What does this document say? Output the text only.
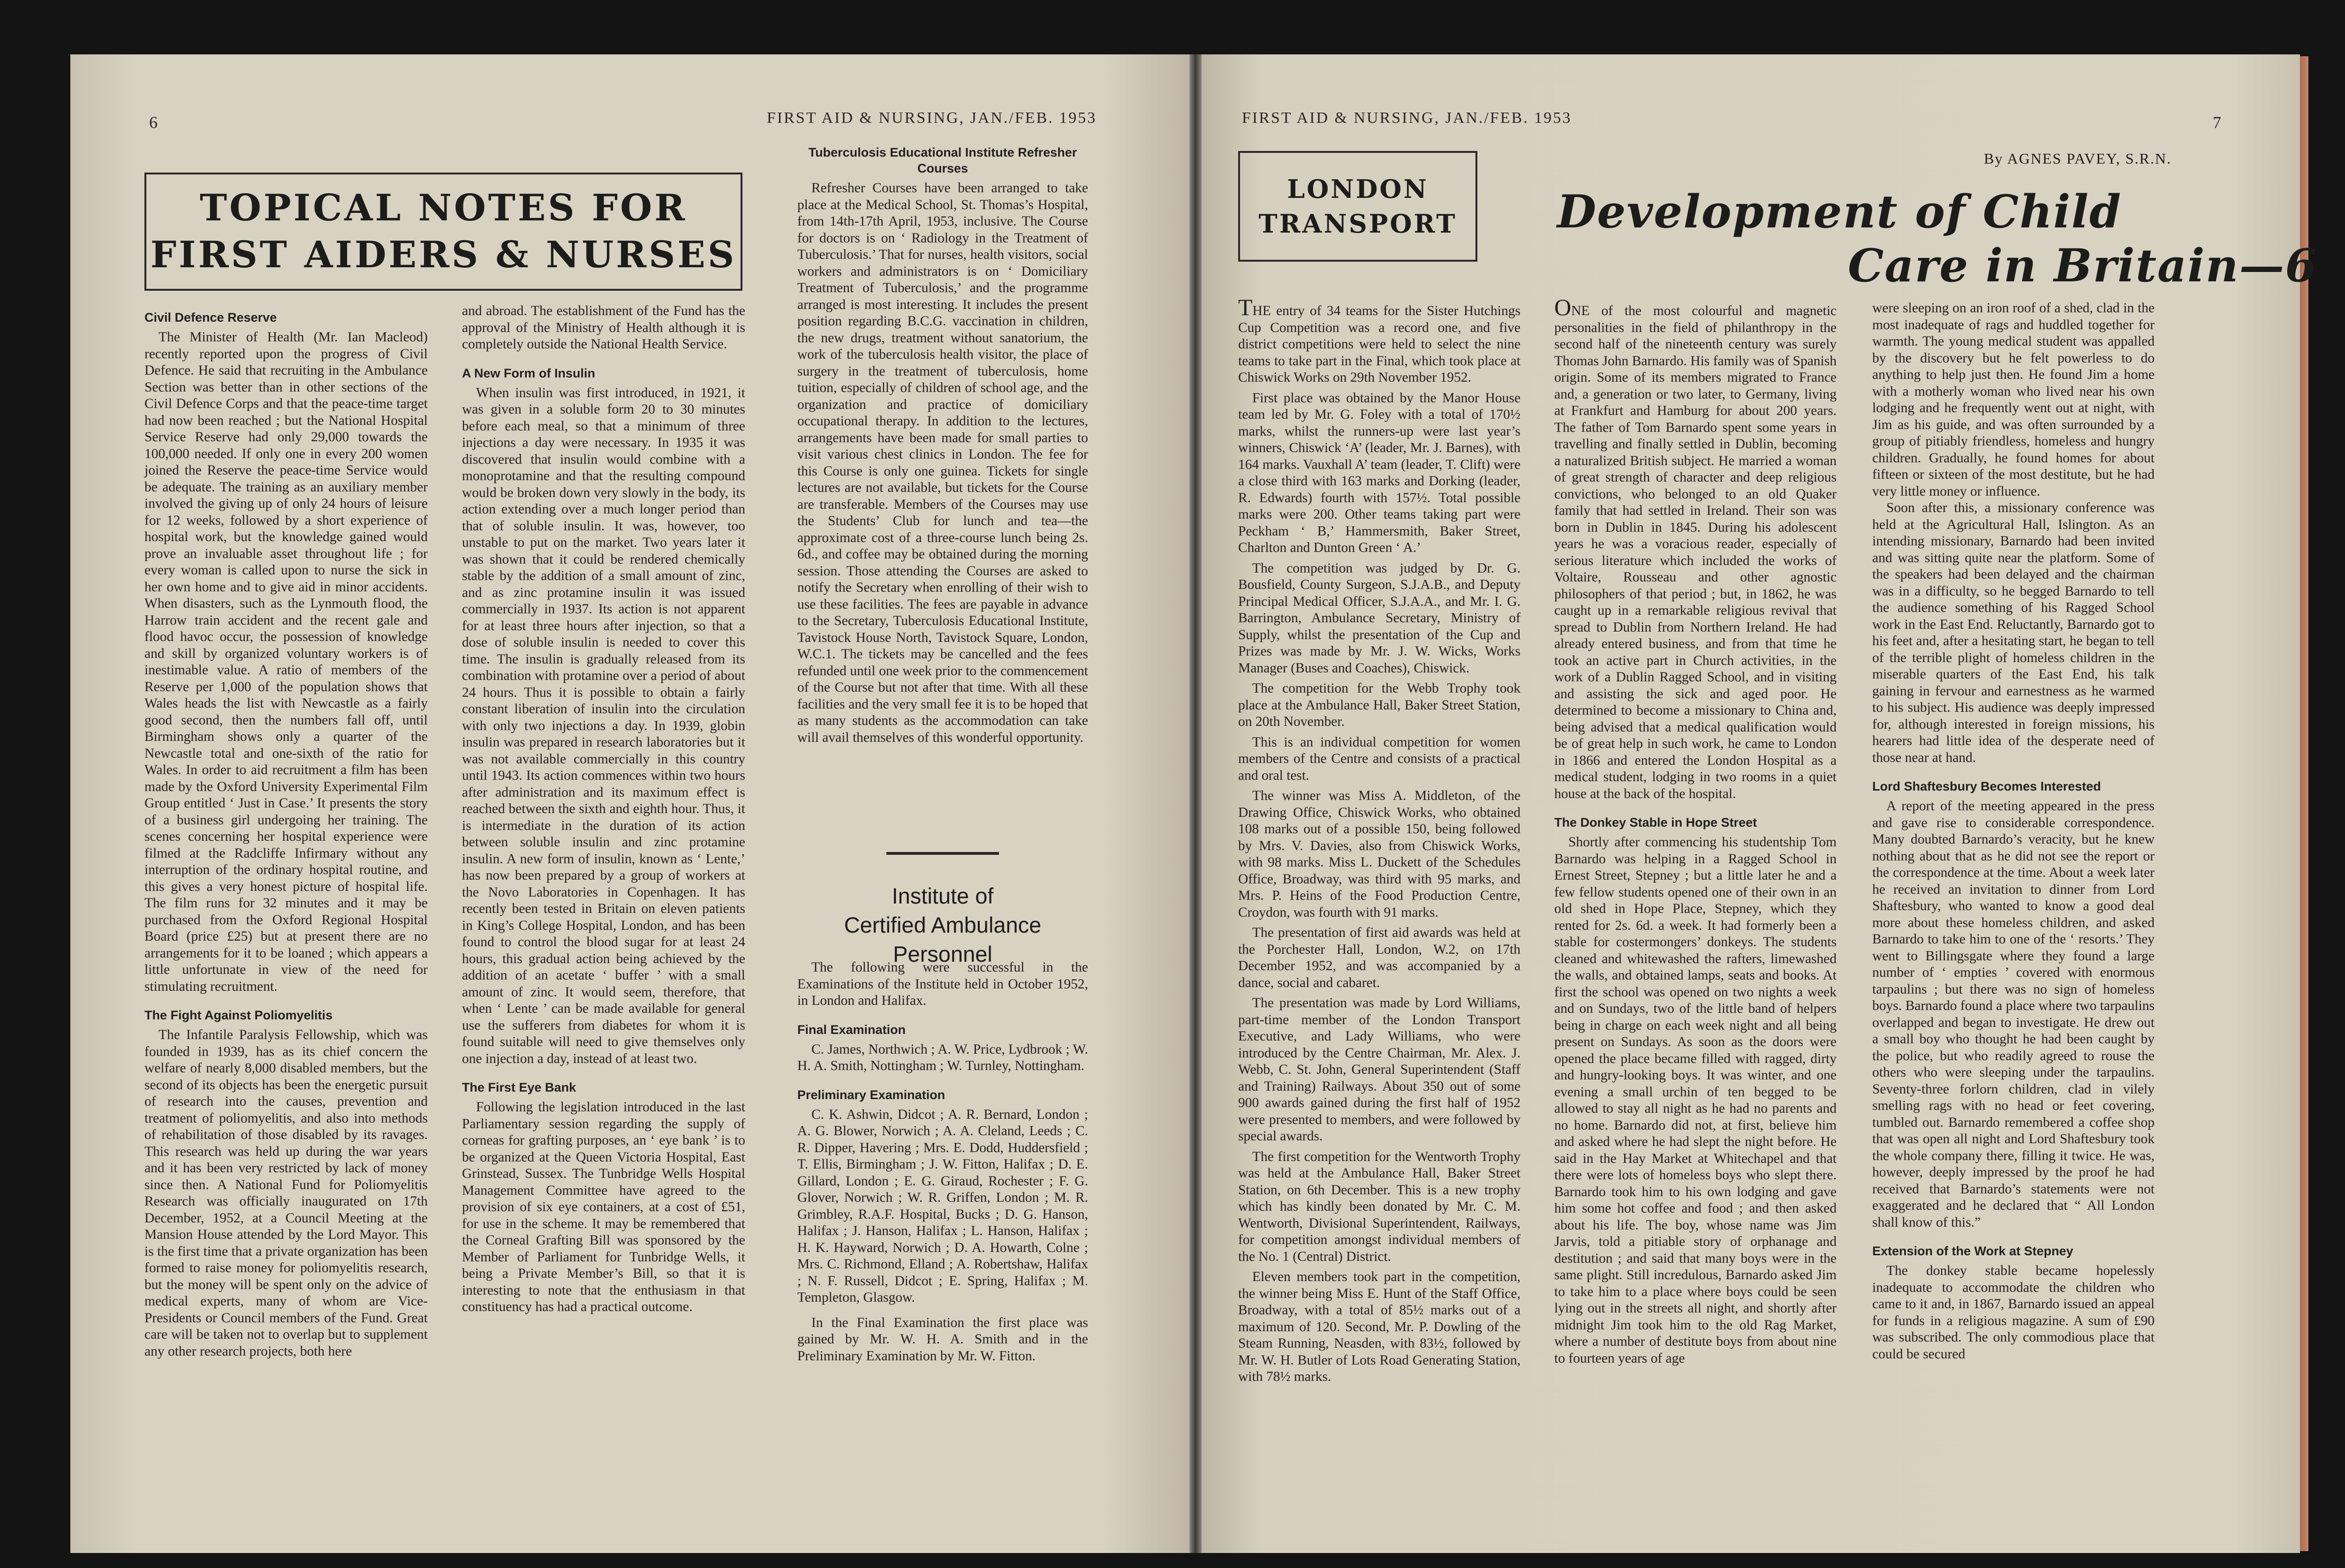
6	FIRST AID & NURSING, JAN./FEB. 1953
TOPICAL NOTES FOR
FIRST AIDERS & NURSES
Civil Defence Reserve

The Minister of Health (Mr. Ian Macleod) recently reported upon the progress of Civil Defence. He said that recruiting in the Ambulance Section was better than in other sections of the Civil Defence Corps and that the peace-time target had now been reached ; but the National Hospital Service Reserve had only 29,000 towards the 100,000 needed. If only one in every 200 women joined the Reserve the peace-time Service would be adequate. The training as an auxiliary member involved the giving up of only 24 hours of leisure for 12 weeks, followed by a short experience of hospital work, but the knowledge gained would prove an invaluable asset throughout life ; for every woman is called upon to nurse the sick in her own home and to give aid in minor accidents. When disasters, such as the Lynmouth flood, the Harrow train accident and the recent gale and flood havoc occur, the possession of knowledge and skill by organized voluntary workers is of inestimable value. A ratio of members of the Reserve per 1,000 of the population shows that Wales heads the list with Newcastle as a fairly good second, then the numbers fall off, until Birmingham shows only a quarter of the Newcastle total and one-sixth of the ratio for Wales. In order to aid recruitment a film has been made by the Oxford University Experimental Film Group entitled ‘ Just in Case.’ It presents the story of a business girl undergoing her training. The scenes concerning her hospital experience were filmed at the Radcliffe Infirmary without any interruption of the ordinary hospital routine, and this gives a very honest picture of hospital life. The film runs for 32 minutes and it may be purchased from the Oxford Regional Hospital Board (price £25) but at present there are no arrangements for it to be loaned ; which appears a little unfortunate in view of the need for stimulating recruitment.

The Fight Against Poliomyelitis

The Infantile Paralysis Fellowship, which was founded in 1939, has as its chief concern the welfare of nearly 8,000 disabled members, but the second of its objects has been the energetic pursuit of research into the causes, prevention and treatment of poliomyelitis, and also into methods of rehabilitation of those disabled by its ravages. This research was held up during the war years and it has been very restricted by lack of money since then. A National Fund for Poliomyelitis Research was officially inaugurated on 17th December, 1952, at a Council Meeting at the Mansion House attended by the Lord Mayor. This is the first time that a private organization has been formed to raise money for poliomyelitis research, but the money will be spent only on the advice of medical experts, many of whom are Vice-Presidents or Council members of the Fund. Great care will be taken not to overlap but to supplement any other research projects, both here

and abroad. The establishment of the Fund has the approval of the Ministry of Health although it is completely outside the National Health Service.

A New Form of Insulin

When insulin was first introduced, in 1921, it was given in a soluble form 20 to 30 minutes before each meal, so that a minimum of three injections a day were necessary. In 1935 it was discovered that insulin would combine with a monoprotamine and that the resulting compound would be broken down very slowly in the body, its action extending over a much longer period than that of soluble insulin. It was, however, too unstable to put on the market. Two years later it was shown that it could be rendered chemically stable by the addition of a small amount of zinc, and as zinc protamine insulin it was issued commercially in 1937. Its action is not apparent for at least three hours after injection, so that a dose of soluble insulin is needed to cover this time. The insulin is gradually released from its combination with protamine over a period of about 24 hours. Thus it is possible to obtain a fairly constant liberation of insulin into the circulation with only two injections a day. In 1939, globin insulin was prepared in research laboratories but it was not available commercially in this country until 1943. Its action commences within two hours after administration and its maximum effect is reached between the sixth and eighth hour. Thus, it is intermediate in the duration of its action between soluble insulin and zinc protamine insulin. A new form of insulin, known as ‘ Lente,’ has now been prepared by a group of workers at the Novo Laboratories in Copenhagen. It has recently been tested in Britain on eleven patients in King’s College Hospital, London, and has been found to control the blood sugar for at least 24 hours, this gradual action being achieved by the addition of an acetate ‘ buffer ’ with a small amount of zinc. It would seem, therefore, that when ‘ Lente ’ can be made available for general use the sufferers from diabetes for whom it is found suitable will need to give themselves only one injection a day, instead of at least two.

The First Eye Bank

Following the legislation introduced in the last Parliamentary session regarding the supply of corneas for grafting purposes, an ‘ eye bank ’ is to be organized at the Queen Victoria Hospital, East Grinstead, Sussex. The Tunbridge Wells Hospital Management Committee have agreed to the provision of six eye containers, at a cost of £51, for use in the scheme. It may be remembered that the Corneal Grafting Bill was sponsored by the Member of Parliament for Tunbridge Wells, it being a Private Member’s Bill, so that it is interesting to note that the enthusiasm in that constituency has had a practical outcome.

Tuberculosis Educational Institute Refresher Courses

Refresher Courses have been arranged to take place at the Medical School, St. Thomas’s Hospital, from 14th-17th April, 1953, inclusive. The Course for doctors is on ‘ Radiology in the Treatment of Tuberculosis.’ That for nurses, health visitors, social workers and administrators is on ‘ Domiciliary Treatment of Tuberculosis,’ and the programme arranged is most interesting. It includes the present position regarding B.C.G. vaccination in children, the new drugs, treatment without sanatorium, the work of the tuberculosis health visitor, the place of surgery in the treatment of tuberculosis, home tuition, especially of children of school age, and the organization and practice of domiciliary occupational therapy. In addition to the lectures, arrangements have been made for small parties to visit various chest clinics in London. The fee for this Course is only one guinea. Tickets for single lectures are not available, but tickets for the Course are transferable. Members of the Courses may use the Students’ Club for lunch and tea—the approximate cost of a three-course lunch being 2s. 6d., and coffee may be obtained during the morning session. Those attending the Courses are asked to notify the Secretary when enrolling of their wish to use these facilities. The fees are payable in advance to the Secretary, Tuberculosis Educational Institute, Tavistock House North, Tavistock Square, London, W.C.1. The tickets may be cancelled and the fees refunded until one week prior to the commencement of the Course but not after that time. With all these facilities and the very small fee it is to be hoped that as many students as the accommodation can take will avail themselves of this wonderful opportunity.

Institute of
Certified Ambulance Personnel

The following were successful in the Examinations of the Institute held in October 1952, in London and Halifax.

Final Examination

C. James, Northwich ; A. W. Price, Lydbrook ; W. H. A. Smith, Nottingham ; W. Turnley, Nottingham.

Preliminary Examination

C. K. Ashwin, Didcot ; A. R. Bernard, London ; A. G. Blower, Norwich ; A. A. Cleland, Leeds ; C. R. Dipper, Havering ; Mrs. E. Dodd, Huddersfield ; T. Ellis, Birmingham ; J. W. Fitton, Halifax ; D. E. Gillard, London ; E. G. Giraud, Rochester ; F. G. Glover, Norwich ; W. R. Griffen, London ; M. R. Grimbley, R.A.F. Hospital, Bucks ; D. G. Hanson, Halifax ; J. Hanson, Halifax ; L. Hanson, Halifax ; H. K. Hayward, Norwich ; D. A. Howarth, Colne ; Mrs. C. Richmond, Elland ; A. Robertshaw, Halifax ; N. F. Russell, Didcot ; E. Spring, Halifax ; M. Templeton, Glasgow.

In the Final Examination the first place was gained by Mr. W. H. A. Smith and in the Preliminary Examination by Mr. W. Fitton.

FIRST AID & NURSING, JAN./FEB. 1953	7
LONDON
TRANSPORT
By AGNES PAVEY, S.R.N.
Development of Child
Care in Britain—6

THE entry of 34 teams for the Sister Hutchings Cup Competition was a record one, and five district competitions were held to select the nine teams to take part in the Final, which took place at Chiswick Works on 29th November 1952.

First place was obtained by the Manor House team led by Mr. G. Foley with a total of 170½ marks, whilst the runners-up were last year’s winners, Chiswick ‘A’ (leader, Mr. J. Barnes), with 164 marks. Vauxhall A’ team (leader, T. Clift) were a close third with 163 marks and Dorking (leader, R. Edwards) fourth with 157½. Total possible marks were 200. Other teams taking part were Peckham ‘ B,’ Hammersmith, Baker Street, Charlton and Dunton Green ‘ A.’

The competition was judged by Dr. G. Bousfield, County Surgeon, S.J.A.B., and Deputy Principal Medical Officer, S.J.A.A., and Mr. I. G. Barrington, Ambulance Secretary, Ministry of Supply, whilst the presentation of the Cup and Prizes was made by Mr. J. W. Wicks, Works Manager (Buses and Coaches), Chiswick.

The competition for the Webb Trophy took place at the Ambulance Hall, Baker Street Station, on 20th November.

This is an individual competition for women members of the Centre and consists of a practical and oral test.

The winner was Miss A. Middleton, of the Drawing Office, Chiswick Works, who obtained 108 marks out of a possible 150, being followed by Mrs. V. Davies, also from Chiswick Works, with 98 marks. Miss L. Duckett of the Schedules Office, Broadway, was third with 95 marks, and Mrs. P. Heins of the Food Production Centre, Croydon, was fourth with 91 marks.

The presentation of first aid awards was held at the Porchester Hall, London, W.2, on 17th December 1952, and was accompanied by a dance, social and cabaret.

The presentation was made by Lord Williams, part-time member of the London Transport Executive, and Lady Williams, who were introduced by the Centre Chairman, Mr. Alex. J. Webb, C. St. John, General Superintendent (Staff and Training) Railways. About 350 out of some 900 awards gained during the first half of 1952 were presented to members, and were followed by special awards.

The first competition for the Wentworth Trophy was held at the Ambulance Hall, Baker Street Station, on 6th December. This is a new trophy which has kindly been donated by Mr. C. M. Wentworth, Divisional Superintendent, Railways, for competition amongst individual members of the No. 1 (Central) District.

Eleven members took part in the competition, the winner being Miss E. Hunt of the Staff Office, Broadway, with a total of 85½ marks out of a maximum of 120. Second, Mr. P. Dowling of the Steam Running, Neasden, with 83½, followed by Mr. W. H. Butler of Lots Road Generating Station, with 78½ marks.

ONE of the most colourful and magnetic personalities in the field of philanthropy in the second half of the nineteenth century was surely Thomas John Barnardo. His family was of Spanish origin. Some of its members migrated to France and, a generation or two later, to Germany, living at Frankfurt and Hamburg for about 200 years. The father of Tom Barnardo spent some years in travelling and finally settled in Dublin, becoming a naturalized British subject. He married a woman of great strength of character and deep religious convictions, who belonged to an old Quaker family that had settled in Ireland. Their son was born in Dublin in 1845. During his adolescent years he was a voracious reader, especially of serious literature which included the works of Voltaire, Rousseau and other agnostic philosophers of that period ; but, in 1862, he was caught up in a remarkable religious revival that spread to Dublin from Northern Ireland. He had already entered business, and from that time he took an active part in Church activities, in the work of a Dublin Ragged School, and in visiting and assisting the sick and aged poor. He determined to become a missionary to China and, being advised that a medical qualification would be of great help in such work, he came to London in 1866 and entered the London Hospital as a medical student, lodging in two rooms in a quiet house at the back of the hospital.

The Donkey Stable in Hope Street

Shortly after commencing his studentship Tom Barnardo was helping in a Ragged School in Ernest Street, Stepney ; but a little later he and a few fellow students opened one of their own in an old shed in Hope Place, Stepney, which they rented for 2s. 6d. a week. It had formerly been a stable for costermongers’ donkeys. The students cleaned and whitewashed the rafters, limewashed the walls, and obtained lamps, seats and books. At first the school was opened on two nights a week and on Sundays, two of the little band of helpers being in charge on each week night and all being present on Sundays. As soon as the doors were opened the place became filled with ragged, dirty and hungry-looking boys. It was winter, and one evening a small urchin of ten begged to be allowed to stay all night as he had no parents and no home. Barnardo did not, at first, believe him and asked where he had slept the night before. He said in the Hay Market at Whitechapel and that there were lots of homeless boys who slept there. Barnardo took him to his own lodging and gave him some hot coffee and food ; and then asked about his life. The boy, whose name was Jim Jarvis, told a pitiable story of orphanage and destitution ; and said that many boys were in the same plight. Still incredulous, Barnardo asked Jim to take him to a place where boys could be seen lying out in the streets all night, and shortly after midnight Jim took him to the old Rag Market, where a number of destitute boys from about nine to fourteen years of age

were sleeping on an iron roof of a shed, clad in the most inadequate of rags and huddled together for warmth. The young medical student was appalled by the discovery but he felt powerless to do anything to help just then. He found Jim a home with a motherly woman who lived near his own lodging and he frequently went out at night, with Jim as his guide, and was often surrounded by a group of pitiably friendless, homeless and hungry children. Gradually, he found homes for about fifteen or sixteen of the most destitute, but he had very little money or influence.

Soon after this, a missionary conference was held at the Agricultural Hall, Islington. As an intending missionary, Barnardo had been invited and was sitting quite near the platform. Some of the speakers had been delayed and the chairman was in a difficulty, so he begged Barnardo to tell the audience something of his Ragged School work in the East End. Reluctantly, Barnardo got to his feet and, after a hesitating start, he began to tell of the terrible plight of homeless children in the miserable quarters of the East End, his talk gaining in fervour and earnestness as he warmed to his subject. His audience was deeply impressed for, although interested in foreign missions, his hearers had little idea of the desperate need of those near at hand.

Lord Shaftesbury Becomes Interested

A report of the meeting appeared in the press and gave rise to considerable correspondence. Many doubted Barnardo’s veracity, but he knew nothing about that as he did not see the report or the correspondence at the time. About a week later he received an invitation to dinner from Lord Shaftesbury, who wanted to know a good deal more about these homeless children, and asked Barnardo to take him to one of the ‘ resorts.’ They went to Billingsgate where they found a large number of ‘ empties ’ covered with enormous tarpaulins ; but there was no sign of homeless boys. Barnardo found a place where two tarpaulins overlapped and began to investigate. He drew out a small boy who thought he had been caught by the police, but who readily agreed to rouse the others who were sleeping under the tarpaulins. Seventy-three forlorn children, clad in vilely smelling rags with no head or feet covering, tumbled out. Barnardo remembered a coffee shop that was open all night and Lord Shaftesbury took the whole company there, filling it twice. He was, however, deeply impressed by the proof he had received that Barnardo’s statements were not exaggerated and he declared that “ All London shall know of this.”

Extension of the Work at Stepney

The donkey stable became hopelessly inadequate to accommodate the children who came to it and, in 1867, Barnardo issued an appeal for funds in a religious magazine. A sum of £90 was subscribed. The only commodious place that could be secured
